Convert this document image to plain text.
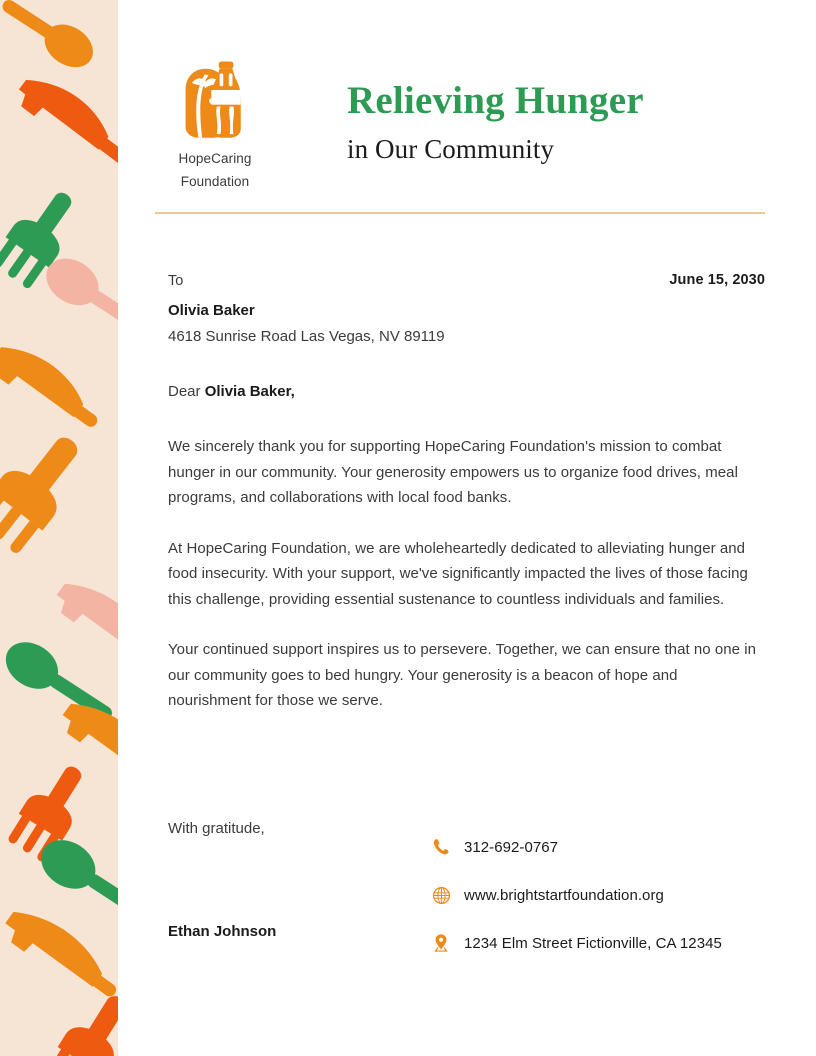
HopeCaring
Foundation
Relieving Hunger
in Our Community
To	June 15, 2030
Olivia Baker
4618 Sunrise Road Las Vegas, NV 89119
Dear Olivia Baker,

We sincerely thank you for supporting HopeCaring Foundation's mission to combat hunger in our community. Your generosity empowers us to organize food drives, meal programs, and collaborations with local food banks.

At HopeCaring Foundation, we are wholeheartedly dedicated to alleviating hunger and food insecurity. With your support, we've significantly impacted the lives of those facing this challenge, providing essential sustenance to countless individuals and families.

Your continued support inspires us to persevere. Together, we can ensure that no one in our community goes to bed hungry. Your generosity is a beacon of hope and nourishment for those we serve.

With gratitude,
Ethan Johnson
312-692-0767
www.brightstartfoundation.org
1234 Elm Street Fictionville, CA 12345
